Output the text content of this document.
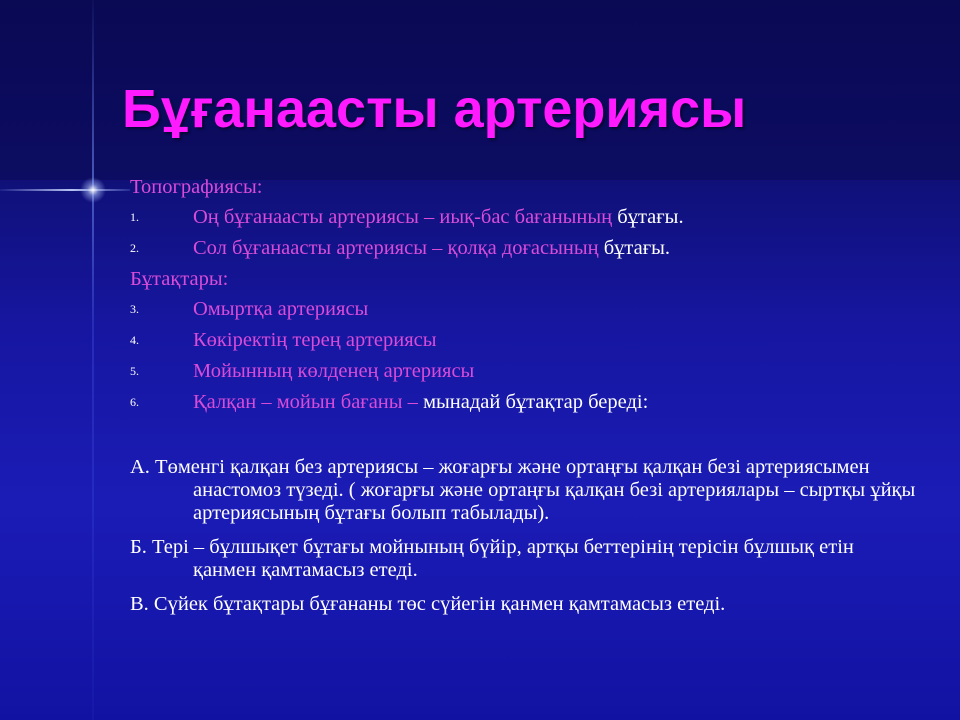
Бұғанаасты артериясы
Топографиясы:
1.	Оң бұғанаасты артериясы – иық-бас бағанының бұтағы.
2.	Сол бұғанаасты артериясы – қолқа доғасының бұтағы.
Бұтақтары:
3.	Омыртқа артериясы
4.	Көкіректің терең артериясы
5.	Мойынның көлденең артериясы
6.	Қалқан – мойын бағаны – мынадай бұтақтар береді:
А. Төменгі қалқан без артериясы – жоғарғы және ортаңғы қалқан безі артериясымен анастомоз түзеді. ( жоғарғы және ортаңғы қалқан безі артериялары – сыртқы ұйқы артериясының бұтағы болып табылады).
Б. Тері – бұлшықет бұтағы мойнының бүйір, артқы беттерінің терісін бұлшық етін қанмен қамтамасыз етеді.
В. Сүйек бұтақтары бұғананы төс сүйегін қанмен қамтамасыз етеді.
